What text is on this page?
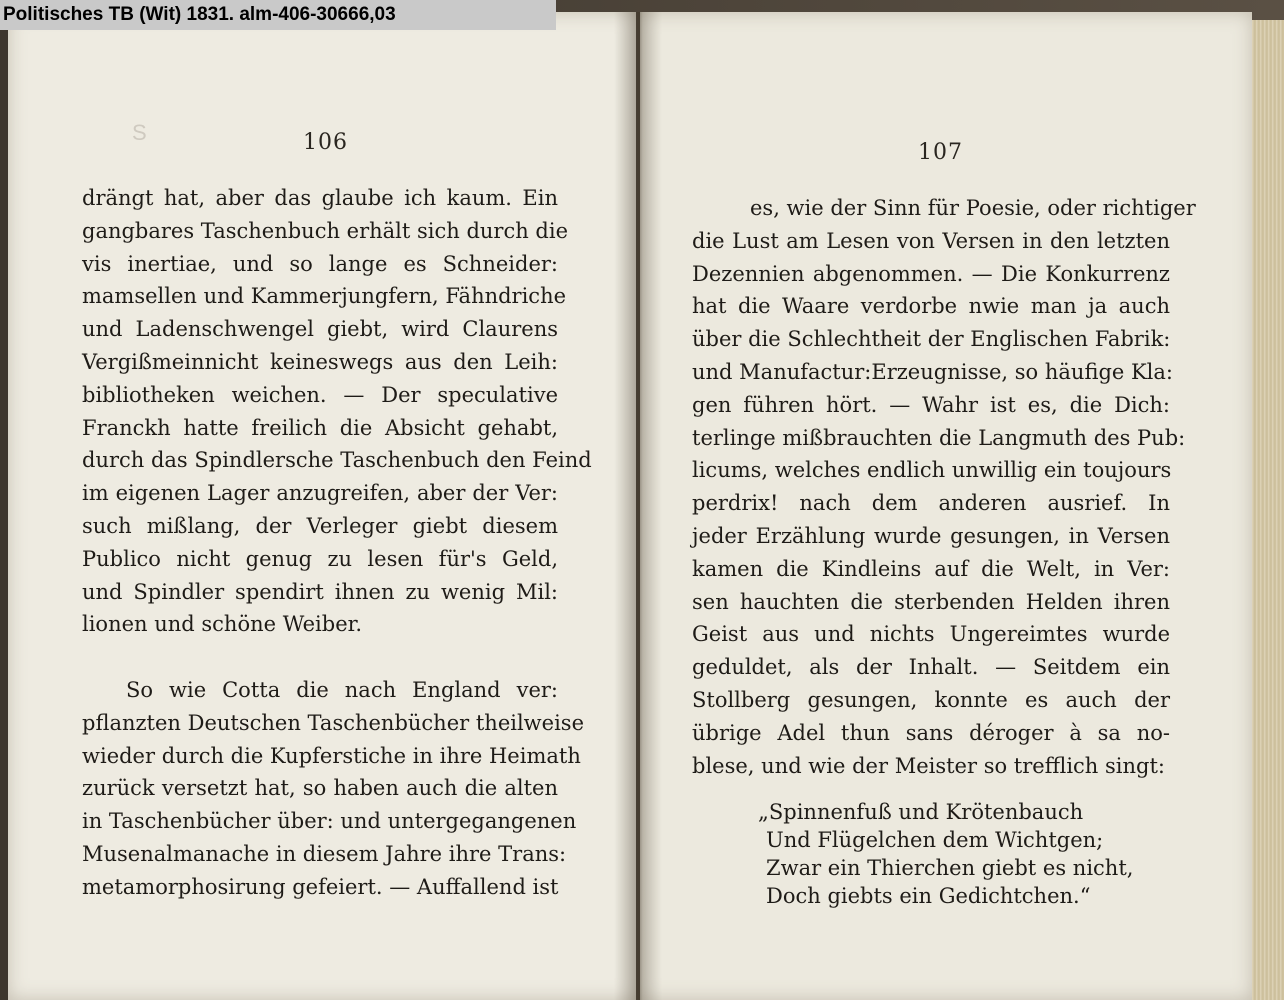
S	106
drängt hat, aber das glaube ich kaum. Ein
gangbares Taschenbuch erhält sich durch die
vis inertiae, und so lange es Schneider:
mamsellen und Kammerjungfern, Fähndriche
und Ladenschwengel giebt, wird Claurens
Vergißmeinnicht keineswegs aus den Leih:
bibliotheken weichen. — Der speculative
Franckh hatte freilich die Absicht gehabt,
durch das Spindlersche Taschenbuch den Feind
im eigenen Lager anzugreifen, aber der Ver:
such mißlang, der Verleger giebt diesem
Publico nicht genug zu lesen für's Geld,
und Spindler spendirt ihnen zu wenig Mil:
lionen und schöne Weiber.
So wie Cotta die nach England ver:
pflanzten Deutschen Taschenbücher theilweise
wieder durch die Kupferstiche in ihre Heimath
zurück versetzt hat, so haben auch die alten
in Taschenbücher über: und untergegangenen
Musenalmanache in diesem Jahre ihre Trans:
metamorphosirung gefeiert. — Auffallend ist
107
es, wie der Sinn für Poesie, oder richtiger
die Lust am Lesen von Versen in den letzten
Dezennien abgenommen. — Die Konkurrenz
hat die Waare verdorbe nwie man ja auch
über die Schlechtheit der Englischen Fabrik:
und Manufactur:Erzeugnisse, so häufige Kla:
gen führen hört. — Wahr ist es, die Dich:
terlinge mißbrauchten die Langmuth des Pub:
licums, welches endlich unwillig ein toujours
perdrix! nach dem anderen ausrief. In
jeder Erzählung wurde gesungen, in Versen
kamen die Kindleins auf die Welt, in Ver:
sen hauchten die sterbenden Helden ihren
Geist aus und nichts Ungereimtes wurde
geduldet, als der Inhalt. — Seitdem ein
Stollberg gesungen, konnte es auch der
übrige Adel thun sans déroger à sa no-
blese, und wie der Meister so trefflich singt:
„Spinnenfuß und Krötenbauch
Und Flügelchen dem Wichtgen;
Zwar ein Thierchen giebt es nicht,
Doch giebts ein Gedichtchen.“
Politisches TB (Wit) 1831. alm-406-30666,03
